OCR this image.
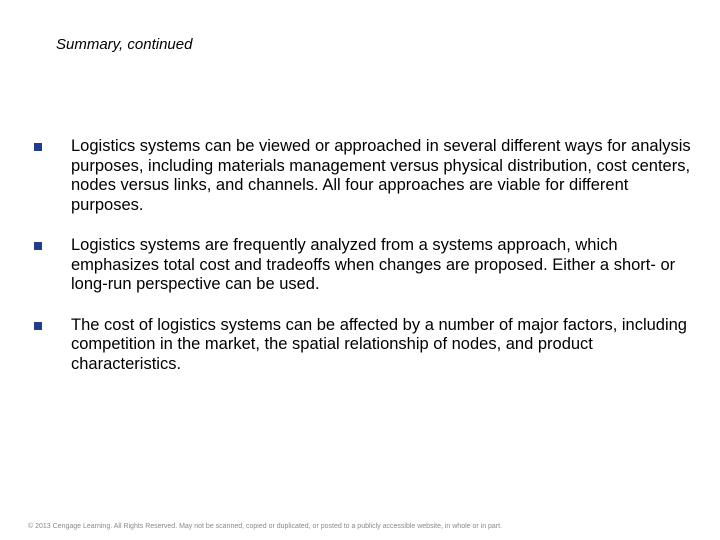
Summary, continued
Logistics systems can be viewed or approached in several different ways for analysis purposes, including materials management versus physical distribution, cost centers, nodes versus links, and channels. All four approaches are viable for different purposes.
Logistics systems are frequently analyzed from a systems approach, which emphasizes total cost and tradeoffs when changes are proposed. Either a short- or long-run perspective can be used.
The cost of logistics systems can be affected by a number of major factors, including competition in the market, the spatial relationship of nodes, and product characteristics.
© 2013 Cengage Learning. All Rights Reserved. May not be scanned, copied or duplicated, or posted to a publicly accessible website, in whole or in part.
